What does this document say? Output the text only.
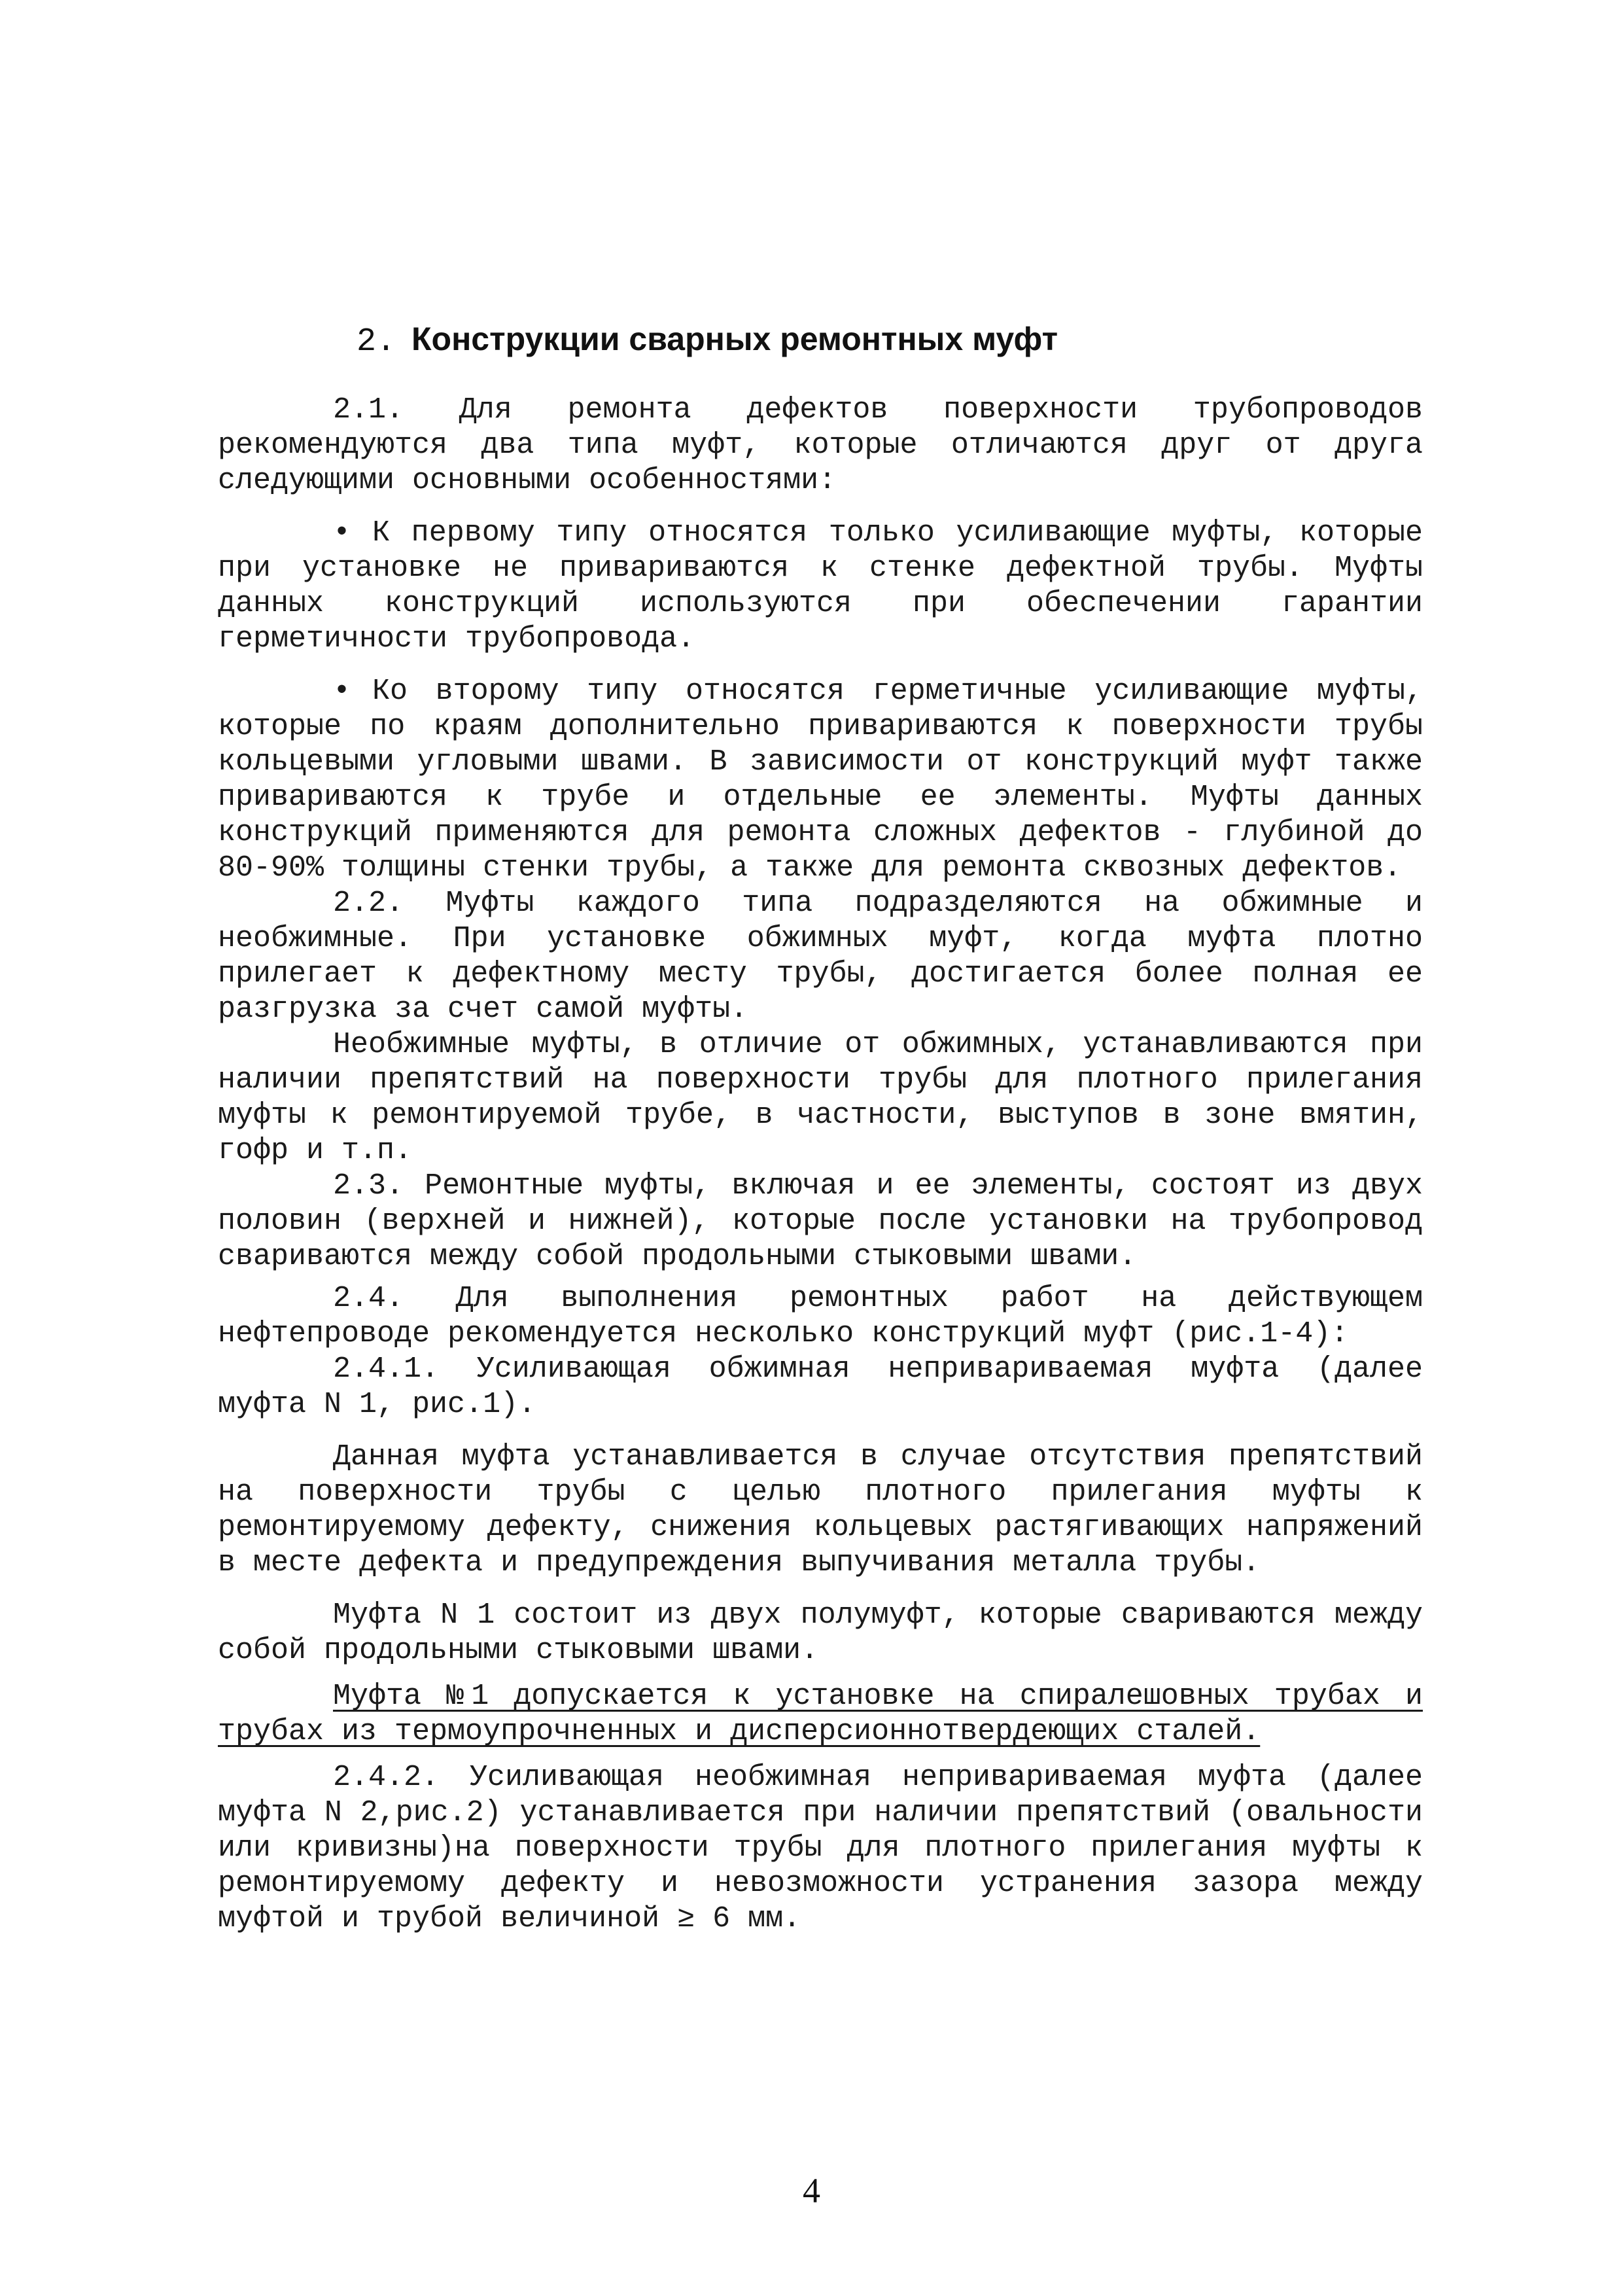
2. Конструкции сварных ремонтных муфт

2.1. Для ремонта дефектов поверхности трубопроводов рекомендуются два типа муфт, которые отличаются друг от друга следующими основными особенностями:

• К первому типу относятся только усиливающие муфты, которые при установке не привариваются к стенке дефектной трубы. Муфты данных конструкций используются при обеспечении гарантии герметичности трубопровода.

• Ко второму типу относятся герметичные усиливающие муфты, которые по краям дополнительно привариваются к поверхности трубы кольцевыми угловыми швами. В зависимости от конструкций муфт также привариваются к трубе и отдельные ее элементы. Муфты данных конструкций применяются для ремонта сложных дефектов - глубиной до 80-90% толщины стенки трубы, а также для ремонта сквозных дефектов.

2.2. Муфты каждого типа подразделяются на обжимные и необжимные. При установке обжимных муфт, когда муфта плотно прилегает к дефектному месту трубы, достигается более полная ее разгрузка за счет самой муфты.

Необжимные муфты, в отличие от обжимных, устанавливаются при наличии препятствий на поверхности трубы для плотного прилегания муфты к ремонтируемой трубе, в частности, выступов в зоне вмятин, гофр и т.п.

2.3. Ремонтные муфты, включая и ее элементы, состоят из двух половин (верхней и нижней), которые после установки на трубопровод свариваются между собой продольными стыковыми швами.

2.4. Для выполнения ремонтных работ на действующем нефтепроводе рекомендуется несколько конструкций муфт (рис.1-4):

2.4.1. Усиливающая обжимная непривариваемая муфта (далее муфта N 1, рис.1).

Данная муфта устанавливается в случае отсутствия препятствий на поверхности трубы с целью плотного прилегания муфты к ремонтируемому дефекту, снижения кольцевых растягивающих напряжений в месте дефекта и предупреждения выпучивания металла трубы.

Муфта N 1 состоит из двух полумуфт, которые свариваются между собой продольными стыковыми швами.

Муфта №1 допускается к установке на спиралешовных трубах и трубах из термоупрочненных и дисперсионнотвердеющих сталей.

2.4.2. Усиливающая необжимная непривариваемая муфта (далее муфта N 2,рис.2) устанавливается при наличии препятствий (овальности или кривизны)на поверхности трубы для плотного прилегания муфты к ремонтируемому дефекту и невозможности устранения зазора между муфтой и трубой величиной ≥ 6 мм.

4
